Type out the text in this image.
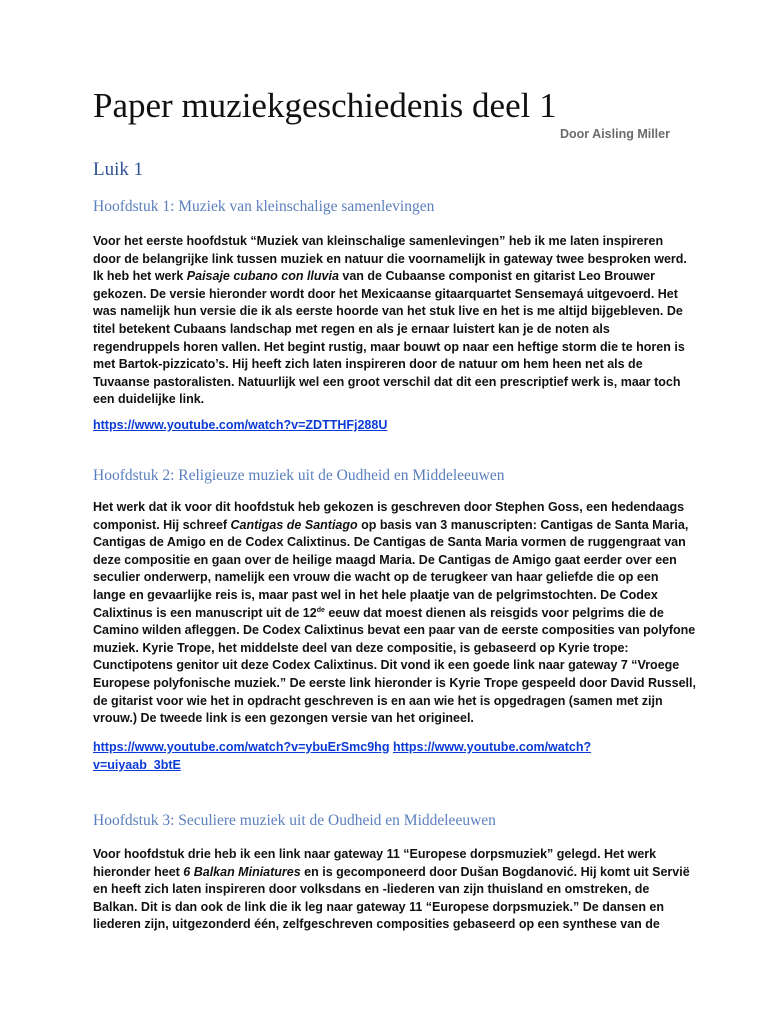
Paper muziekgeschiedenis deel 1
Door Aisling Miller
Luik 1
Hoofdstuk 1: Muziek van kleinschalige samenlevingen
Voor het eerste hoofdstuk “Muziek van kleinschalige samenlevingen” heb ik me laten inspireren
door de belangrijke link tussen muziek en natuur die voornamelijk in gateway twee besproken werd.
Ik heb het werk Paisaje cubano con lluvia van de Cubaanse componist en gitarist Leo Brouwer
gekozen. De versie hieronder wordt door het Mexicaanse gitaarquartet Sensemayá uitgevoerd. Het
was namelijk hun versie die ik als eerste hoorde van het stuk live en het is me altijd bijgebleven. De
titel betekent Cubaans landschap met regen en als je ernaar luistert kan je de noten als
regendruppels horen vallen. Het begint rustig, maar bouwt op naar een heftige storm die te horen is
met Bartok-pizzicato’s. Hij heeft zich laten inspireren door de natuur om hem heen net als de
Tuvaanse pastoralisten. Natuurlijk wel een groot verschil dat dit een prescriptief werk is, maar toch
een duidelijke link.
https://www.youtube.com/watch?v=ZDTTHFj288U
Hoofdstuk 2: Religieuze muziek uit de Oudheid en Middeleeuwen
Het werk dat ik voor dit hoofdstuk heb gekozen is geschreven door Stephen Goss, een hedendaags
componist. Hij schreef Cantigas de Santiago op basis van 3 manuscripten: Cantigas de Santa Maria,
Cantigas de Amigo en de Codex Calixtinus. De Cantigas de Santa Maria vormen de ruggengraat van
deze compositie en gaan over de heilige maagd Maria. De Cantigas de Amigo gaat eerder over een
seculier onderwerp, namelijk een vrouw die wacht op de terugkeer van haar geliefde die op een
lange en gevaarlijke reis is, maar past wel in het hele plaatje van de pelgrimstochten. De Codex
Calixtinus is een manuscript uit de 12de eeuw dat moest dienen als reisgids voor pelgrims die de
Camino wilden afleggen. De Codex Calixtinus bevat een paar van de eerste composities van polyfone
muziek. Kyrie Trope, het middelste deel van deze compositie, is gebaseerd op Kyrie trope:
Cunctipotens genitor uit deze Codex Calixtinus. Dit vond ik een goede link naar gateway 7 “Vroege
Europese polyfonische muziek.” De eerste link hieronder is Kyrie Trope gespeeld door David Russell,
de gitarist voor wie het in opdracht geschreven is en aan wie het is opgedragen (samen met zijn
vrouw.) De tweede link is een gezongen versie van het origineel.
https://www.youtube.com/watch?v=ybuErSmc9hg https://www.youtube.com/watch?
v=uiyaab_3btE
Hoofdstuk 3: Seculiere muziek uit de Oudheid en Middeleeuwen
Voor hoofdstuk drie heb ik een link naar gateway 11 “Europese dorpsmuziek” gelegd. Het werk
hieronder heet 6 Balkan Miniatures en is gecomponeerd door Dušan Bogdanović. Hij komt uit Servië
en heeft zich laten inspireren door volksdans en -liederen van zijn thuisland en omstreken, de
Balkan. Dit is dan ook de link die ik leg naar gateway 11 “Europese dorpsmuziek.” De dansen en
liederen zijn, uitgezonderd één, zelfgeschreven composities gebaseerd op een synthese van de
